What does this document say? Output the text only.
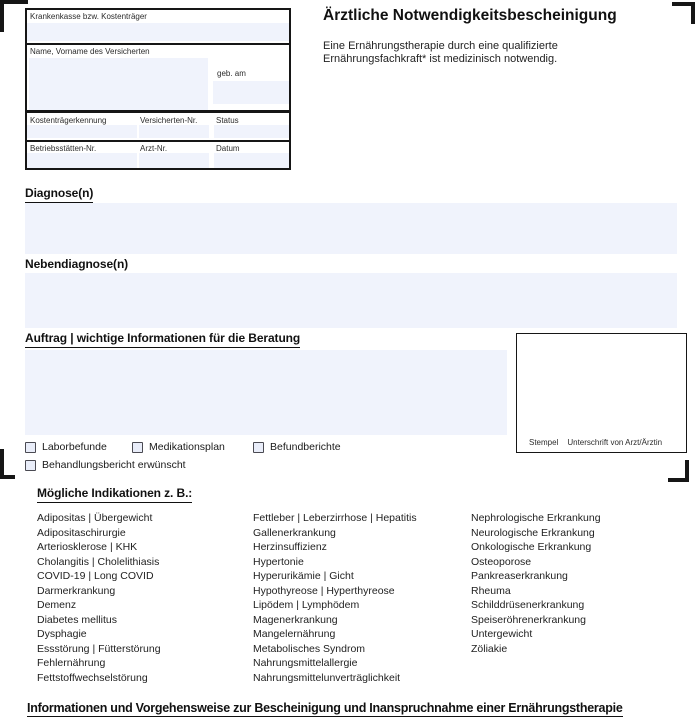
Krankenkasse bzw. Kostenträger
Name, Vorname des Versicherten
geb. am
Kostenträgerkennung	Versicherten-Nr. Status
Betriebsstätten-Nr.	Arzt-Nr.	Datum
Ärztliche Notwendigkeitsbescheinigung
Eine Ernährungstherapie durch eine qualifizierte
Ernährungsfachkraft* ist medizinisch notwendig.
Diagnose(n)
Nebendiagnose(n)
Auftrag | wichtige Informationen für die Beratung
Stempel Unterschrift von Arzt/Ärztin
Laborbefunde	Medikationsplan	Befundberichte
Behandlungsbericht erwünscht
Mögliche Indikationen z. B.:
Adipositas | Übergewicht
Adipositaschirurgie
Arteriosklerose | KHK
Cholangitis | Cholelithiasis
COVID-19 | Long COVID
Darmerkrankung
Demenz
Diabetes mellitus
Dysphagie
Essstörung | Fütterstörung
Fehlernährung
Fettstoffwechselstörung
Fettleber | Leberzirrhose | Hepatitis
Gallenerkrankung
Herzinsuffizienz
Hypertonie
Hyperurikämie | Gicht
Hypothyreose | Hyperthyreose
Lipödem | Lymphödem
Magenerkrankung
Mangelernährung
Metabolisches Syndrom
Nahrungsmittelallergie
Nahrungsmittelunverträglichkeit
Nephrologische Erkrankung
Neurologische Erkrankung
Onkologische Erkrankung
Osteoporose
Pankreaserkrankung
Rheuma
Schilddrüsenerkrankung
Speiseröhrenerkrankung
Untergewicht
Zöliakie
Informationen und Vorgehensweise zur Bescheinigung und Inanspruchnahme einer Ernährungstherapie
